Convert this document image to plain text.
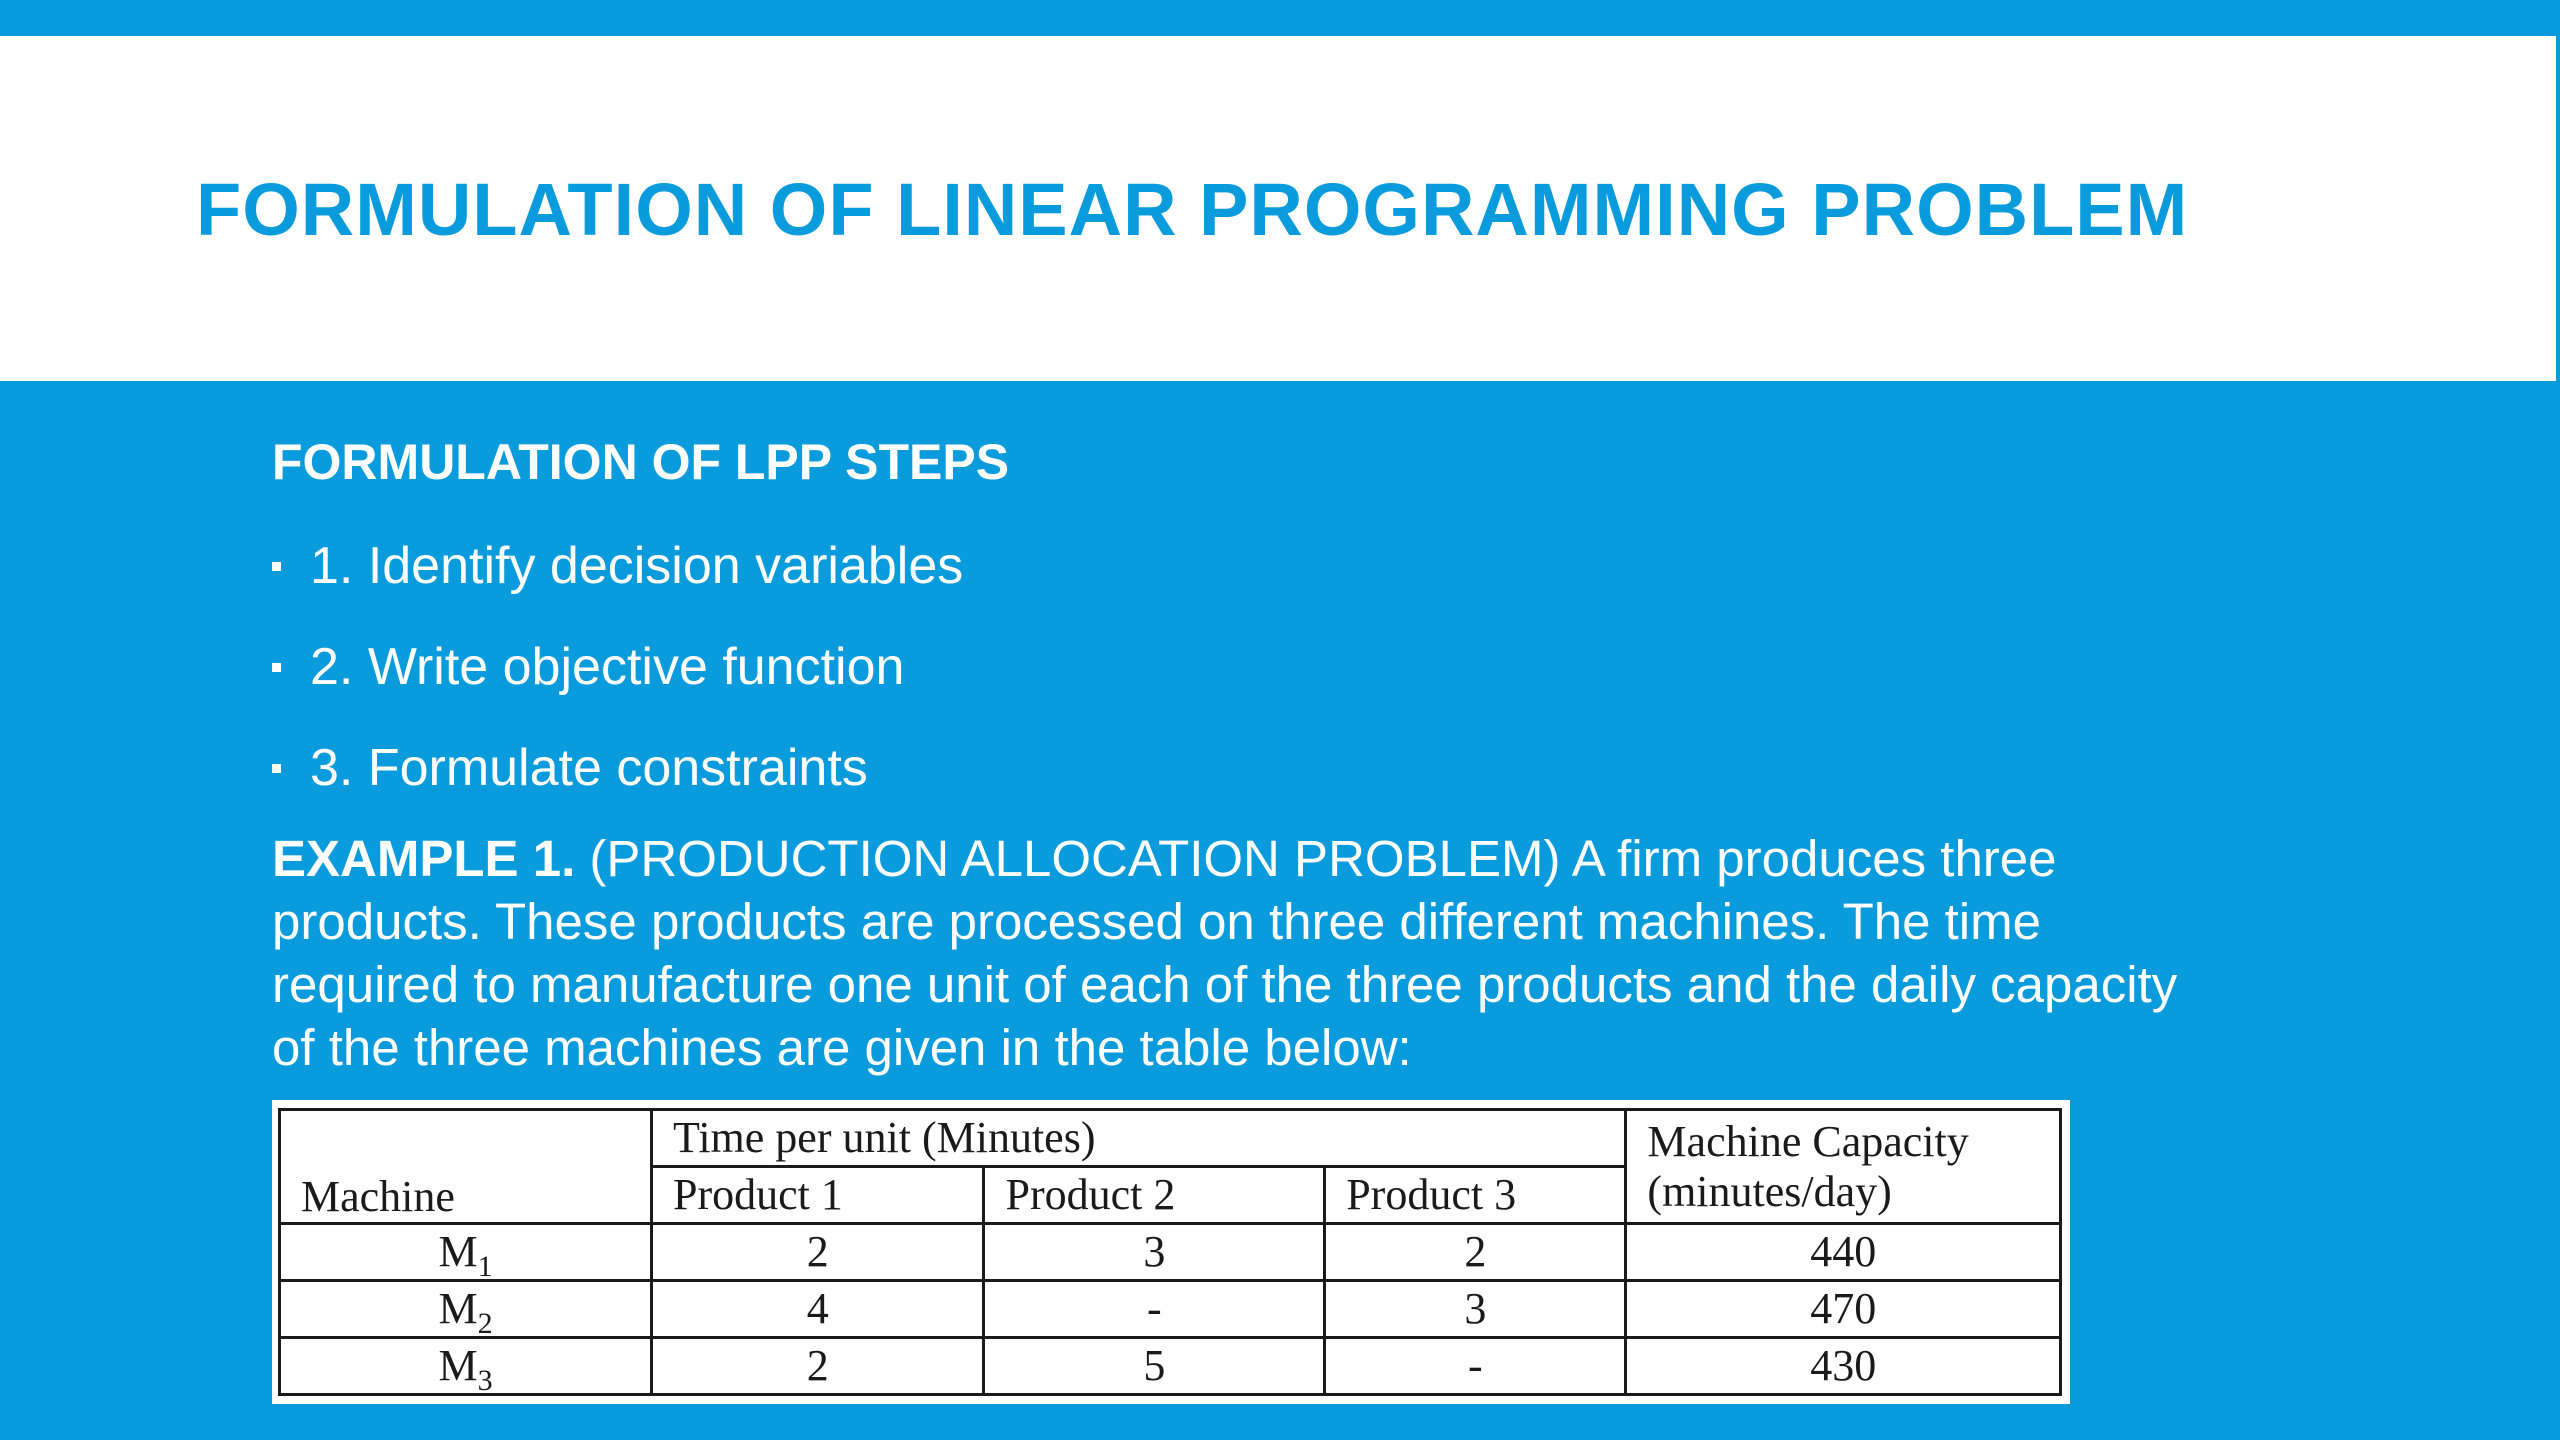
FORMULATION OF LINEAR PROGRAMMING PROBLEM
FORMULATION OF LPP STEPS
1. Identify decision variables
2. Write objective function
3. Formulate constraints

EXAMPLE 1. (PRODUCTION ALLOCATION PROBLEM) A firm produces three products. These products are processed on three different machines. The time required to manufacture one unit of each of the three products and the daily capacity of the three machines are given in the table below:

Machine	Time per unit (Minutes)			Machine Capacity (minutes/day)
	Product 1	Product 2	Product 3	
$M_1$	2	3	2	440
$M_2$	4	-	3	470
$M_3$	2	5	-	430
